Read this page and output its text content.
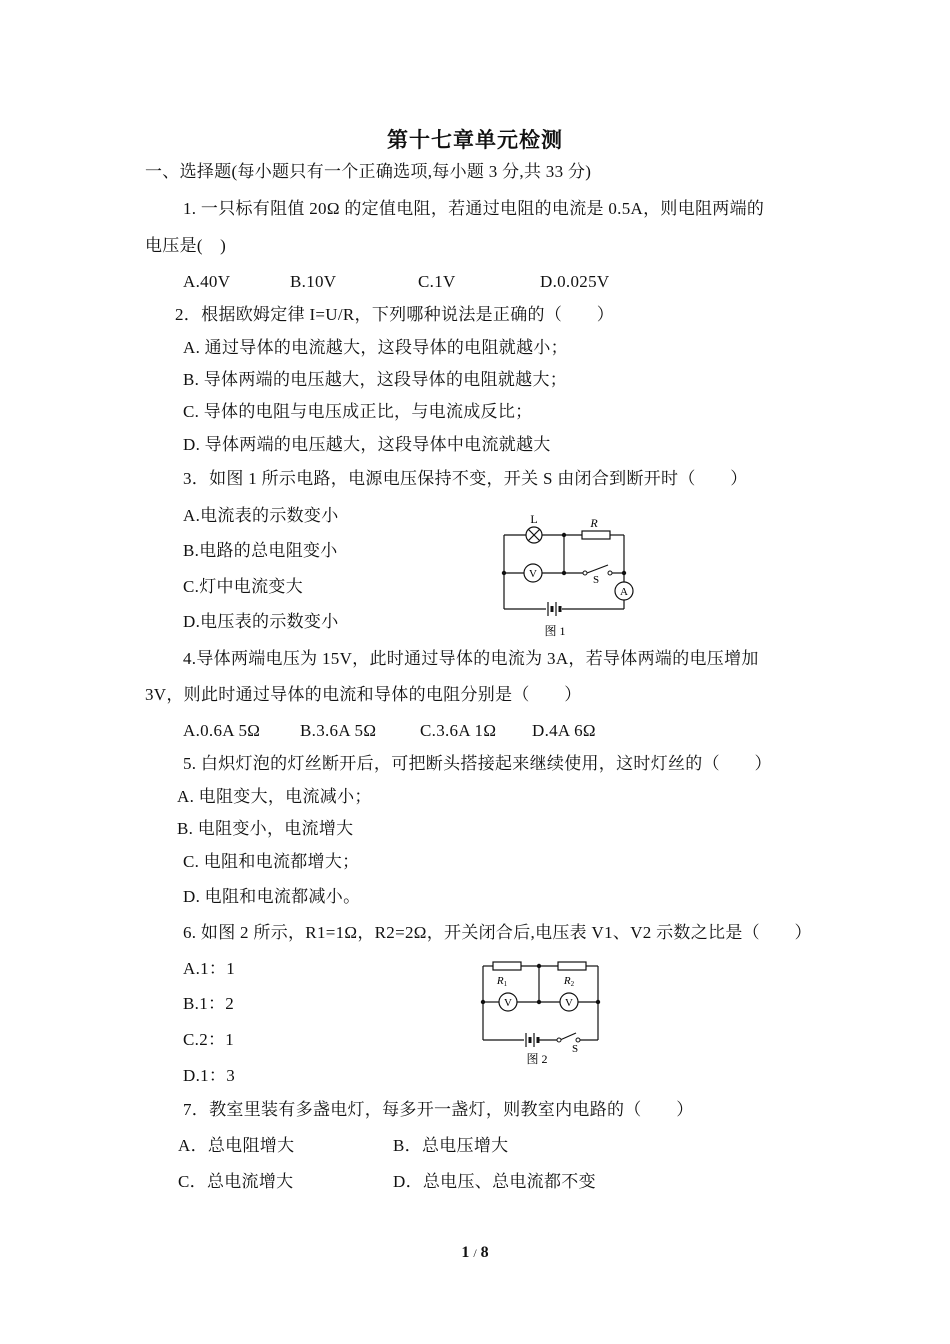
第十七章单元检测
一、选择题(每小题只有一个正确选项,每小题 3 分,共 33 分)
1. 一只标有阻值 20Ω 的定值电阻，若通过电阻的电流是 0.5A，则电阻两端的
电压是(　)
A.40V	B.10V	C.1V	D.0.025V
2．根据欧姆定律 I=U/R，下列哪种说法是正确的（　　）
A. 通过导体的电流越大，这段导体的电阻就越小；
B. 导体两端的电压越大，这段导体的电阻就越大；
C. 导体的电阻与电压成正比，与电流成反比；
D. 导体两端的电压越大，这段导体中电流就越大
3．如图 1 所示电路，电源电压保持不变，开关 S 由闭合到断开时（　　）
A.电流表的示数变小
B.电路的总电阻变小
C.灯中电流变大
D.电压表的示数变小
L	R
V
A
S
图 1
4.导体两端电压为 15V，此时通过导体的电流为 3A，若导体两端的电压增加
3V，则此时通过导体的电流和导体的电阻分别是（　　）
A.0.6A 5Ω B.3.6A 5Ω	C.3.6A 1Ω D.4A 6Ω
5. 白炽灯泡的灯丝断开后，可把断头搭接起来继续使用，这时灯丝的（　　）
A. 电阻变大，电流减小；
B. 电阻变小，电流增大
C. 电阻和电流都增大；
D. 电阻和电流都减小。
6. 如图 2 所示，R1=1Ω，R2=2Ω，开关闭合后,电压表 V1、V2 示数之比是（　　）
A.1：1
B.1：2
C.2：1
D.1：3
R1	R2
V	V
S
图 2
7．教室里装有多盏电灯，每多开一盏灯，则教室内电路的（　　）
A．总电阻增大	B．总电压增大
C．总电流增大	D．总电压、总电流都不变
1 / 8
